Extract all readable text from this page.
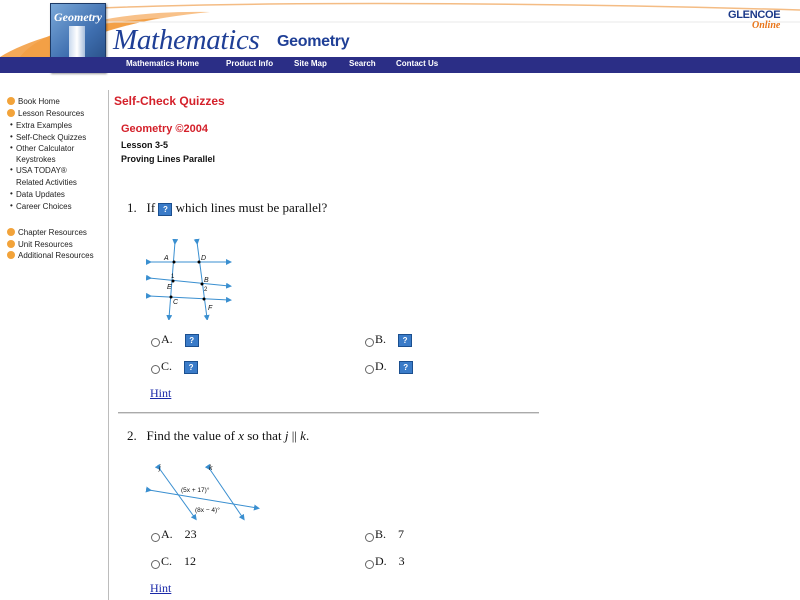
Geometry
Mathematics Geometry
GLENCOE
Online
Mathematics Home	Product Info	Site Map	Search	Contact Us
Book Home
Lesson Resources
• Extra Examples
• Self-Check Quizzes
• Other Calculator
Keystrokes
• USA TODAY®
Related Activities
• Data Updates
• Career Choices
Chapter Resources
Unit Resources
Additional Resources
Self-Check Quizzes
Geometry ©2004
Lesson 3-5
Proving Lines Parallel
1. If ? which lines must be parallel?
A	D
1	B
E	2
C
F
A. ?	B. ?
C. ?	D. ?
Hint
2. Find the value of x so that j || k.
j	k
(5x + 17)°
(8x − 4)°
A. 23	B. 7
C. 12	D. 3
Hint
